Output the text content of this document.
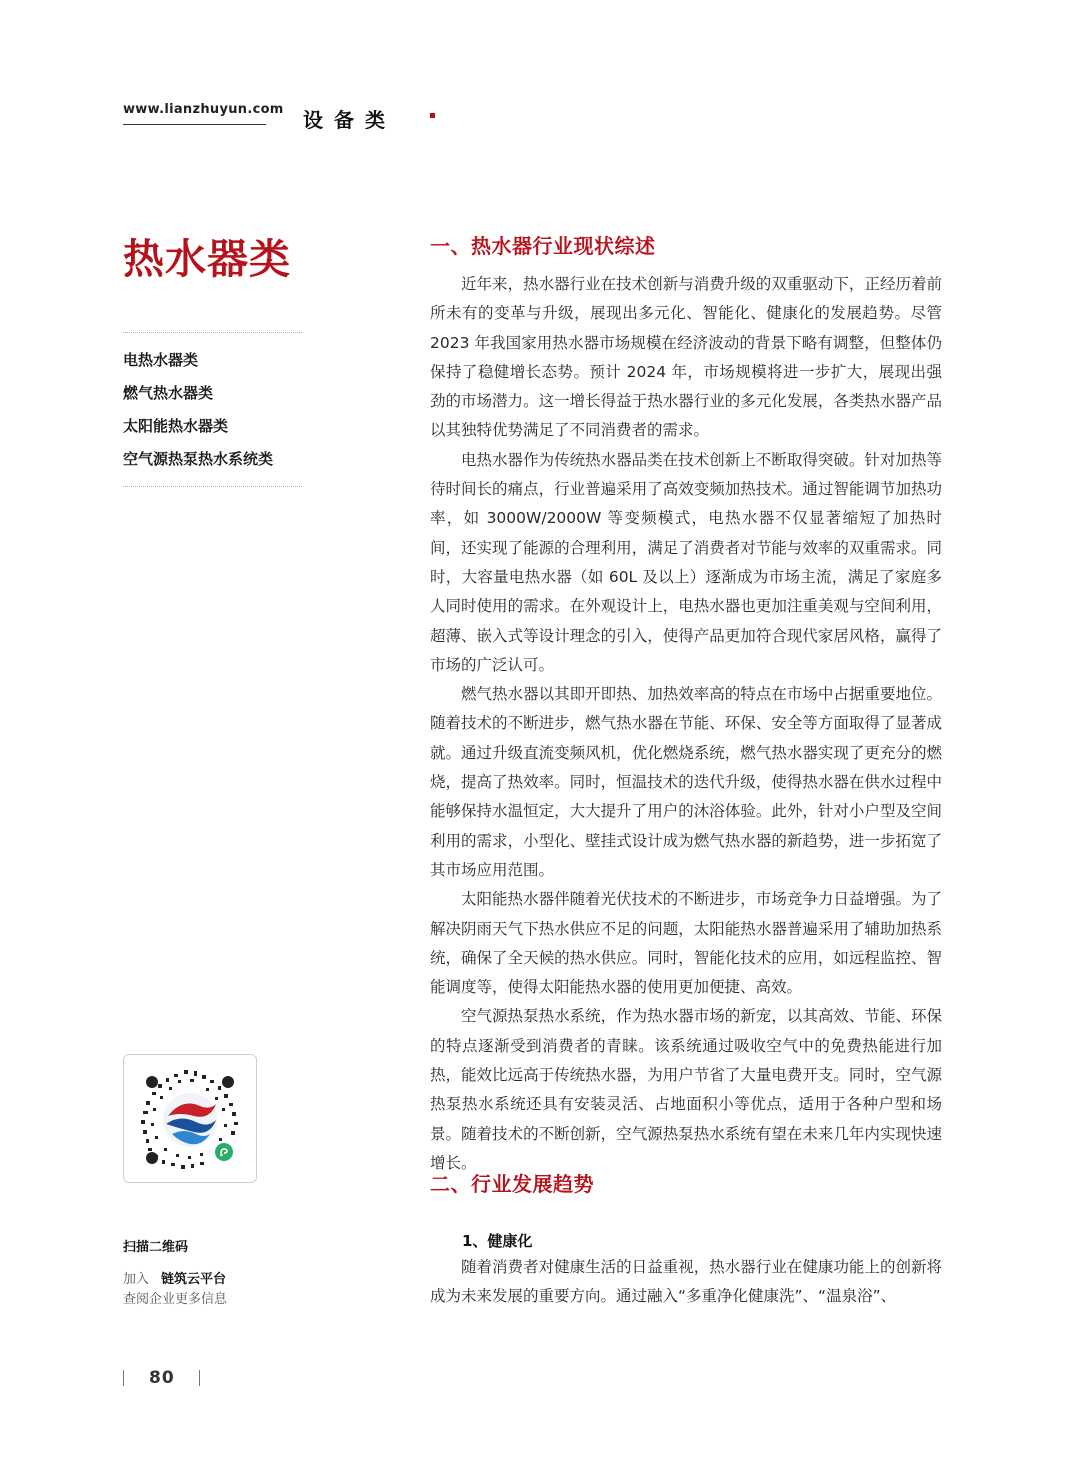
www.lianzhuyun.com 设备类
热水器类
电热水器类
燃气热水器类
太阳能热水器类
空气源热泵热水系统类
扫描二维码
加入 链筑云平台
查阅企业更多信息
80
一、热水器行业现状综述

近年来，热水器行业在技术创新与消费升级的双重驱动下，正经历着前所未有的变革与升级，展现出多元化、智能化、健康化的发展趋势。尽管 2023 年我国家用热水器市场规模在经济波动的背景下略有调整，但整体仍保持了稳健增长态势。预计 2024 年，市场规模将进一步扩大，展现出强劲的市场潜力。这一增长得益于热水器行业的多元化发展，各类热水器产品以其独特优势满足了不同消费者的需求。

电热水器作为传统热水器品类在技术创新上不断取得突破。针对加热等待时间长的痛点，行业普遍采用了高效变频加热技术。通过智能调节加热功率，如 3000W/2000W 等变频模式，电热水器不仅显著缩短了加热时间，还实现了能源的合理利用，满足了消费者对节能与效率的双重需求。同时，大容量电热水器（如 60L 及以上）逐渐成为市场主流，满足了家庭多人同时使用的需求。在外观设计上，电热水器也更加注重美观与空间利用，超薄、嵌入式等设计理念的引入，使得产品更加符合现代家居风格，赢得了市场的广泛认可。

燃气热水器以其即开即热、加热效率高的特点在市场中占据重要地位。随着技术的不断进步，燃气热水器在节能、环保、安全等方面取得了显著成就。通过升级直流变频风机，优化燃烧系统，燃气热水器实现了更充分的燃烧，提高了热效率。同时，恒温技术的迭代升级，使得热水器在供水过程中能够保持水温恒定，大大提升了用户的沐浴体验。此外，针对小户型及空间利用的需求，小型化、壁挂式设计成为燃气热水器的新趋势，进一步拓宽了其市场应用范围。

太阳能热水器伴随着光伏技术的不断进步，市场竞争力日益增强。为了解决阴雨天气下热水供应不足的问题，太阳能热水器普遍采用了辅助加热系统，确保了全天候的热水供应。同时，智能化技术的应用，如远程监控、智能调度等，使得太阳能热水器的使用更加便捷、高效。

空气源热泵热水系统，作为热水器市场的新宠，以其高效、节能、环保的特点逐渐受到消费者的青睐。该系统通过吸收空气中的免费热能进行加热，能效比远高于传统热水器，为用户节省了大量电费开支。同时，空气源热泵热水系统还具有安装灵活、占地面积小等优点，适用于各种户型和场景。随着技术的不断创新，空气源热泵热水系统有望在未来几年内实现快速增长。

二、行业发展趋势
1、健康化

随着消费者对健康生活的日益重视，热水器行业在健康功能上的创新将成为未来发展的重要方向。通过融入“多重净化健康洗”、“温泉浴”、
